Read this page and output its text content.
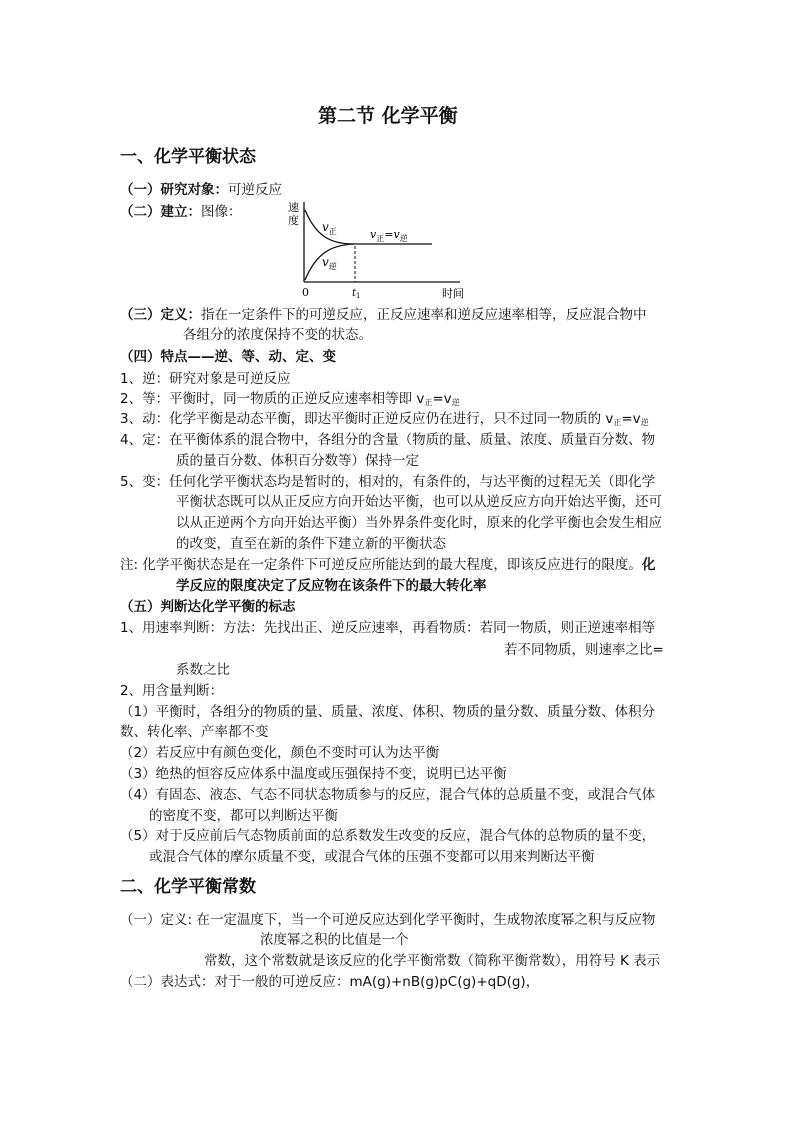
第二节 化学平衡
一、化学平衡状态
（一）研究对象：可逆反应
（二）建立：图像：	速
度 $v_正$
$v_逆$
$v_正=v_逆$
0	$t_1$	时间
（三）定义：指在一定条件下的可逆反应，正反应速率和逆反应速率相等，反应混合物中
各组分的浓度保持不变的状态。
（四）特点——逆、等、动、定、变
1、逆：研究对象是可逆反应
2、等：平衡时，同一物质的正逆反应速率相等即 $v_正=v_逆$
3、动：化学平衡是动态平衡，即达平衡时正逆反应仍在进行，只不过同一物质的 $v_正=v_逆$
4、定：在平衡体系的混合物中，各组分的含量（物质的量、质量、浓度、质量百分数、物
质的量百分数、体积百分数等）保持一定
5、变：任何化学平衡状态均是暂时的，相对的，有条件的，与达平衡的过程无关（即化学
平衡状态既可以从正反应方向开始达平衡，也可以从逆反应方向开始达平衡，还可
以从正逆两个方向开始达平衡）当外界条件变化时，原来的化学平衡也会发生相应
的改变，直至在新的条件下建立新的平衡状态
注: 化学平衡状态是在一定条件下可逆反应所能达到的最大程度，即该反应进行的限度。化
学反应的限度决定了反应物在该条件下的最大转化率
（五）判断达化学平衡的标志
1、用速率判断：方法：先找出正、逆反应速率，再看物质：若同一物质，则正逆速率相等
若不同物质，则速率之比=
系数之比
2、用含量判断：
（1）平衡时，各组分的物质的量、质量、浓度、体积、物质的量分数、质量分数、体积分
数、转化率、产率都不变
（2）若反应中有颜色变化，颜色不变时可认为达平衡
（3）绝热的恒容反应体系中温度或压强保持不变，说明已达平衡
（4）有固态、液态、气态不同状态物质参与的反应，混合气体的总质量不变，或混合气体
的密度不变，都可以判断达平衡
（5）对于反应前后气态物质前面的总系数发生改变的反应，混合气体的总物质的量不变，
或混合气体的摩尔质量不变，或混合气体的压强不变都可以用来判断达平衡
二、化学平衡常数
（一）定义: 在一定温度下，当一个可逆反应达到化学平衡时，生成物浓度幂之积与反应物
浓度幂之积的比值是一个
常数，这个常数就是该反应的化学平衡常数（简称平衡常数），用符号 K 表示
（二）表达式：对于一般的可逆反应：mA(g)+nB(g)pC(g)+qD(g)，
